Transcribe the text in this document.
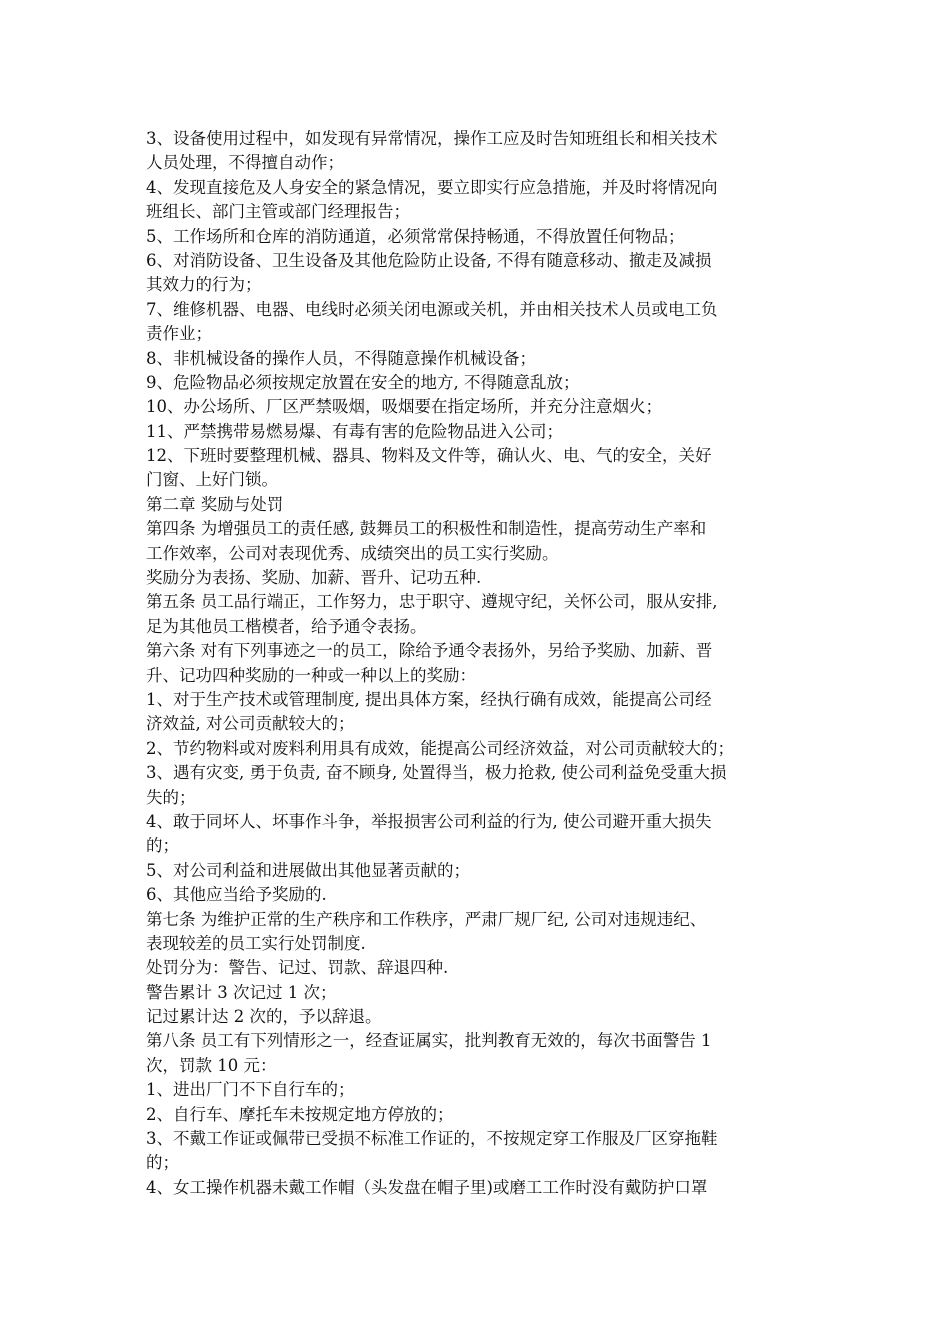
3、设备使用过程中，如发现有异常情况，操作工应及时告知班组长和相关技术
人员处理，不得擅自动作；
4、发现直接危及人身安全的紧急情况，要立即实行应急措施，并及时将情况向
班组长、部门主管或部门经理报告；
5、工作场所和仓库的消防通道，必须常常保持畅通，不得放置任何物品；
6、对消防设备、卫生设备及其他危险防止设备, 不得有随意移动、撤走及减损
其效力的行为；
7、维修机器、电器、电线时必须关闭电源或关机，并由相关技术人员或电工负
责作业；
8、非机械设备的操作人员，不得随意操作机械设备；
9、危险物品必须按规定放置在安全的地方, 不得随意乱放；
10、办公场所、厂区严禁吸烟，吸烟要在指定场所，并充分注意烟火；
11、严禁携带易燃易爆、有毒有害的危险物品进入公司；
12、下班时要整理机械、器具、物料及文件等，确认火、电、气的安全，关好
门窗、上好门锁。
第二章 奖励与处罚
第四条 为增强员工的责任感, 鼓舞员工的积极性和制造性，提高劳动生产率和
工作效率，公司对表现优秀、成绩突出的员工实行奖励。
奖励分为表扬、奖励、加薪、晋升、记功五种.
第五条 员工品行端正，工作努力，忠于职守、遵规守纪，关怀公司，服从安排,
足为其他员工楷模者，给予通令表扬。
第六条 对有下列事迹之一的员工，除给予通令表扬外，另给予奖励、加薪、晋
升、记功四种奖励的一种或一种以上的奖励：
1、对于生产技术或管理制度, 提出具体方案，经执行确有成效，能提高公司经
济效益, 对公司贡献较大的；
2、节约物料或对废料利用具有成效，能提高公司经济效益，对公司贡献较大的；
3、遇有灾变, 勇于负责, 奋不顾身, 处置得当，极力抢救, 使公司利益免受重大损
失的；
4、敢于同坏人、坏事作斗争，举报损害公司利益的行为, 使公司避开重大损失
的；
5、对公司利益和进展做出其他显著贡献的；
6、其他应当给予奖励的.
第七条 为维护正常的生产秩序和工作秩序，严肃厂规厂纪, 公司对违规违纪、
表现较差的员工实行处罚制度.
处罚分为：警告、记过、罚款、辞退四种.
警告累计 3 次记过 1 次；
记过累计达 2 次的，予以辞退。
第八条 员工有下列情形之一，经查证属实，批判教育无效的，每次书面警告 1
次，罚款 10 元：
1、进出厂门不下自行车的；
2、自行车、摩托车未按规定地方停放的；
3、不戴工作证或佩带已受损不标准工作证的，不按规定穿工作服及厂区穿拖鞋
的；
4、女工操作机器未戴工作帽（头发盘在帽子里)或磨工工作时没有戴防护口罩
